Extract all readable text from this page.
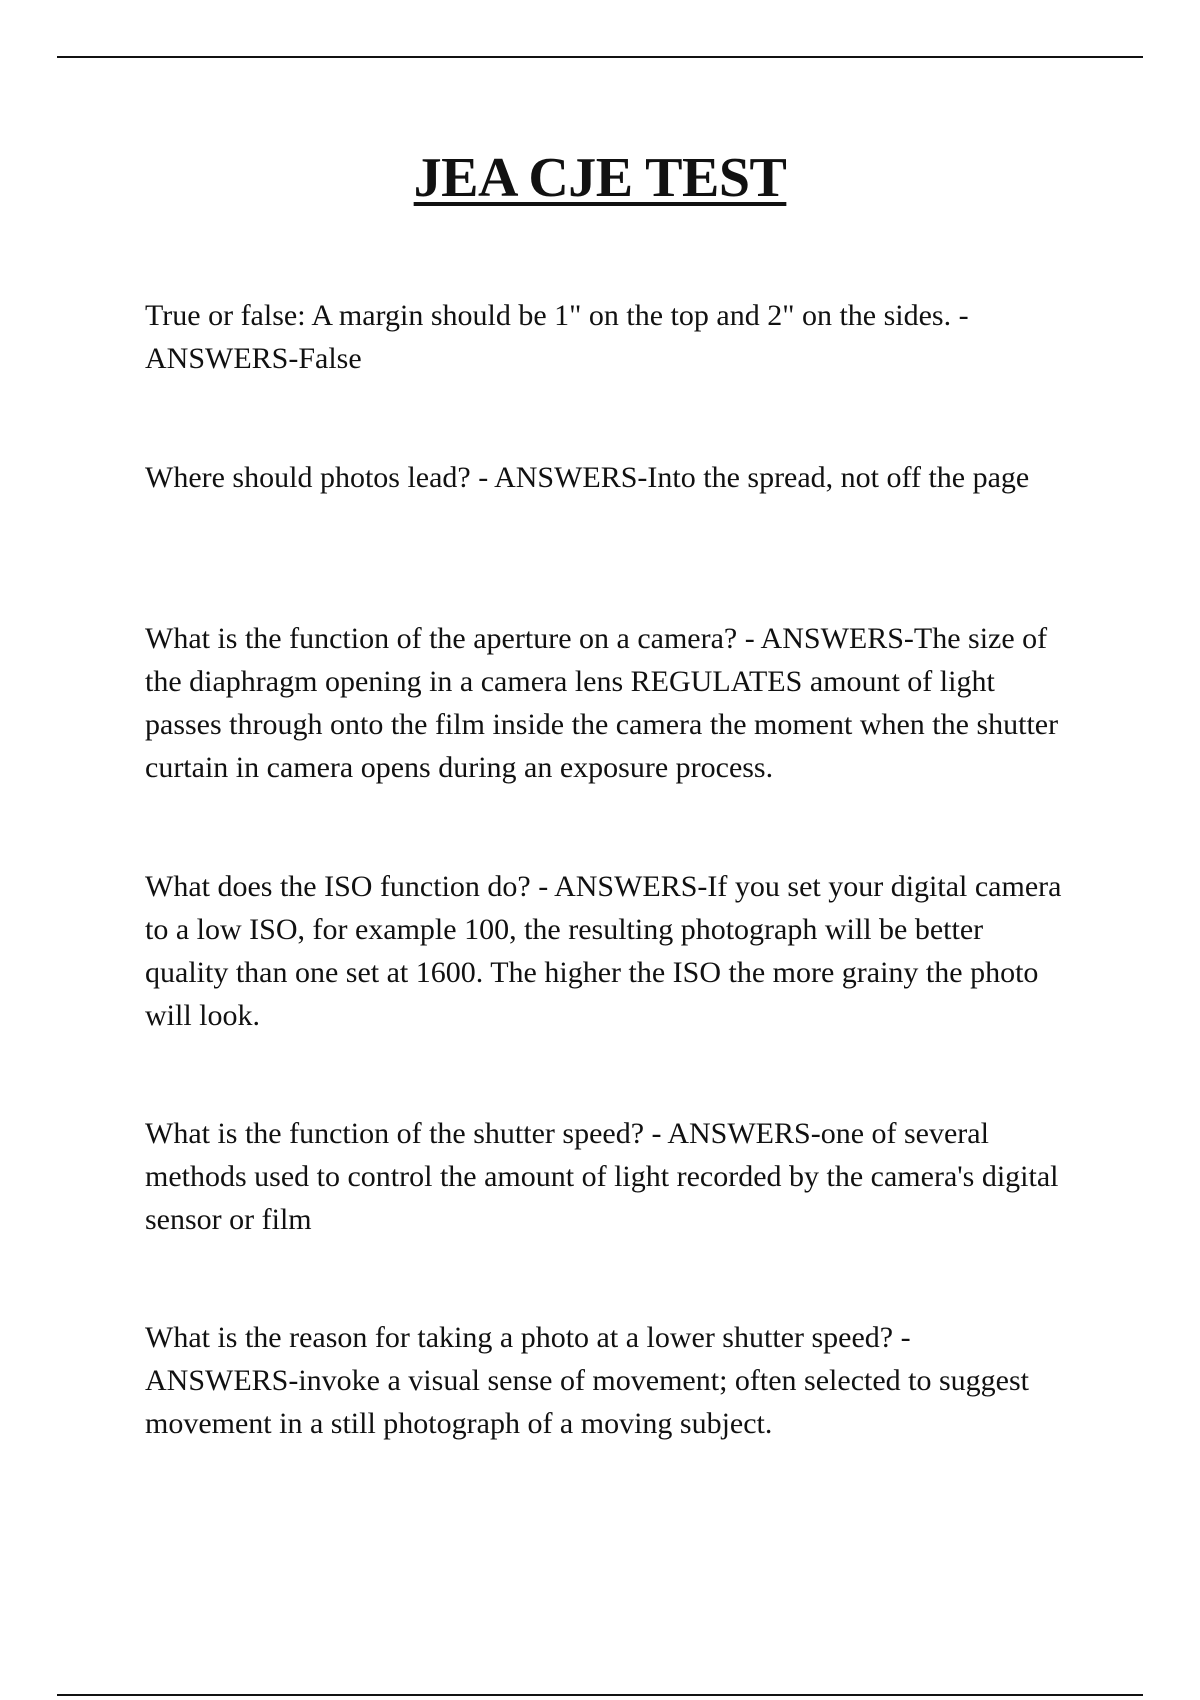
JEA CJE TEST

True or false: A margin should be 1" on the top and 2" on the sides. - ANSWERS-False

Where should photos lead? - ANSWERS-Into the spread, not off the page

What is the function of the aperture on a camera? - ANSWERS-The size of the diaphragm opening in a camera lens REGULATES amount of light passes through onto the film inside the camera the moment when the shutter curtain in camera opens during an exposure process.

What does the ISO function do? - ANSWERS-If you set your digital camera to a low ISO, for example 100, the resulting photograph will be better quality than one set at 1600. The higher the ISO the more grainy the photo will look.

What is the function of the shutter speed? - ANSWERS-one of several methods used to control the amount of light recorded by the camera's digital sensor or film

What is the reason for taking a photo at a lower shutter speed? - ANSWERS-invoke a visual sense of movement; often selected to suggest movement in a still photograph of a moving subject.
